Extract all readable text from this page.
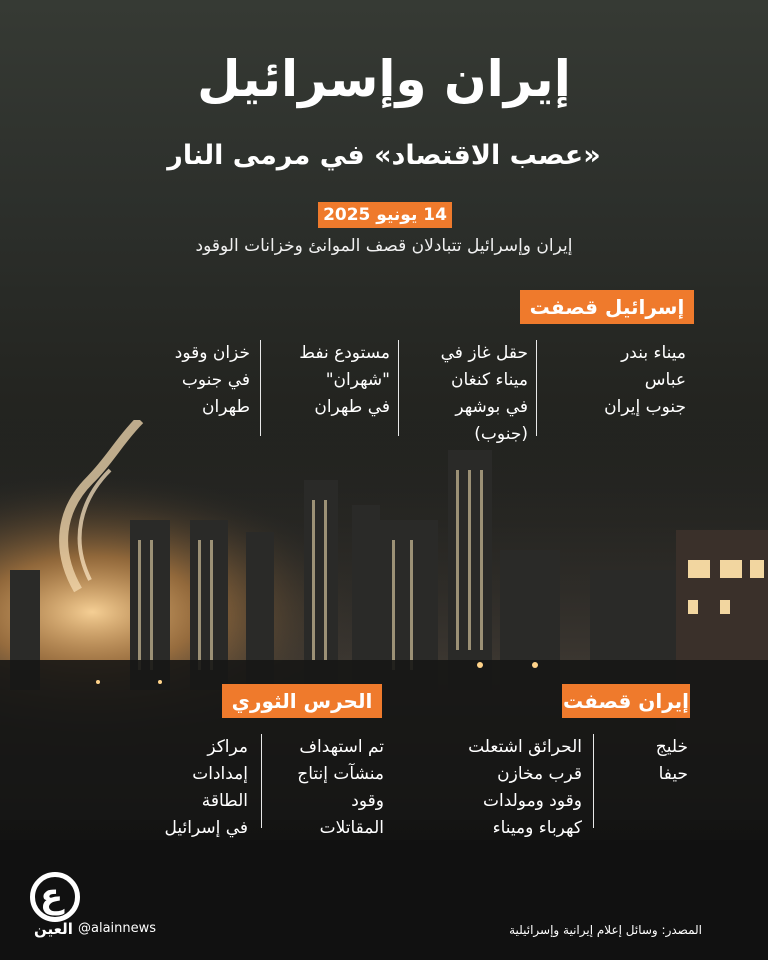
إيران وإسرائيل
«عصب الاقتصاد» في مرمى النار
14 يونيو 2025
إيران وإسرائيل تتبادلان قصف الموانئ وخزانات الوقود
إسرائيل قصفت
ميناء بندر
عباس
جنوب إيران
حقل غاز في
ميناء كنغان
في بوشهر
(جنوب)
مستودع نفط
"شهران"
في طهران
خزان وقود
في جنوب
طهران
إيران قصفت
خليج
حيفا
الحرائق اشتعلت
قرب مخازن
وقود ومولدات
كهرباء وميناء
الحرس الثوري
تم استهداف
منشآت إنتاج
وقود
المقاتلات
مراكز
إمدادات
الطاقة
في إسرائيل
ع
العين @alainnews	المصدر: وسائل إعلام إيرانية وإسرائيلية
